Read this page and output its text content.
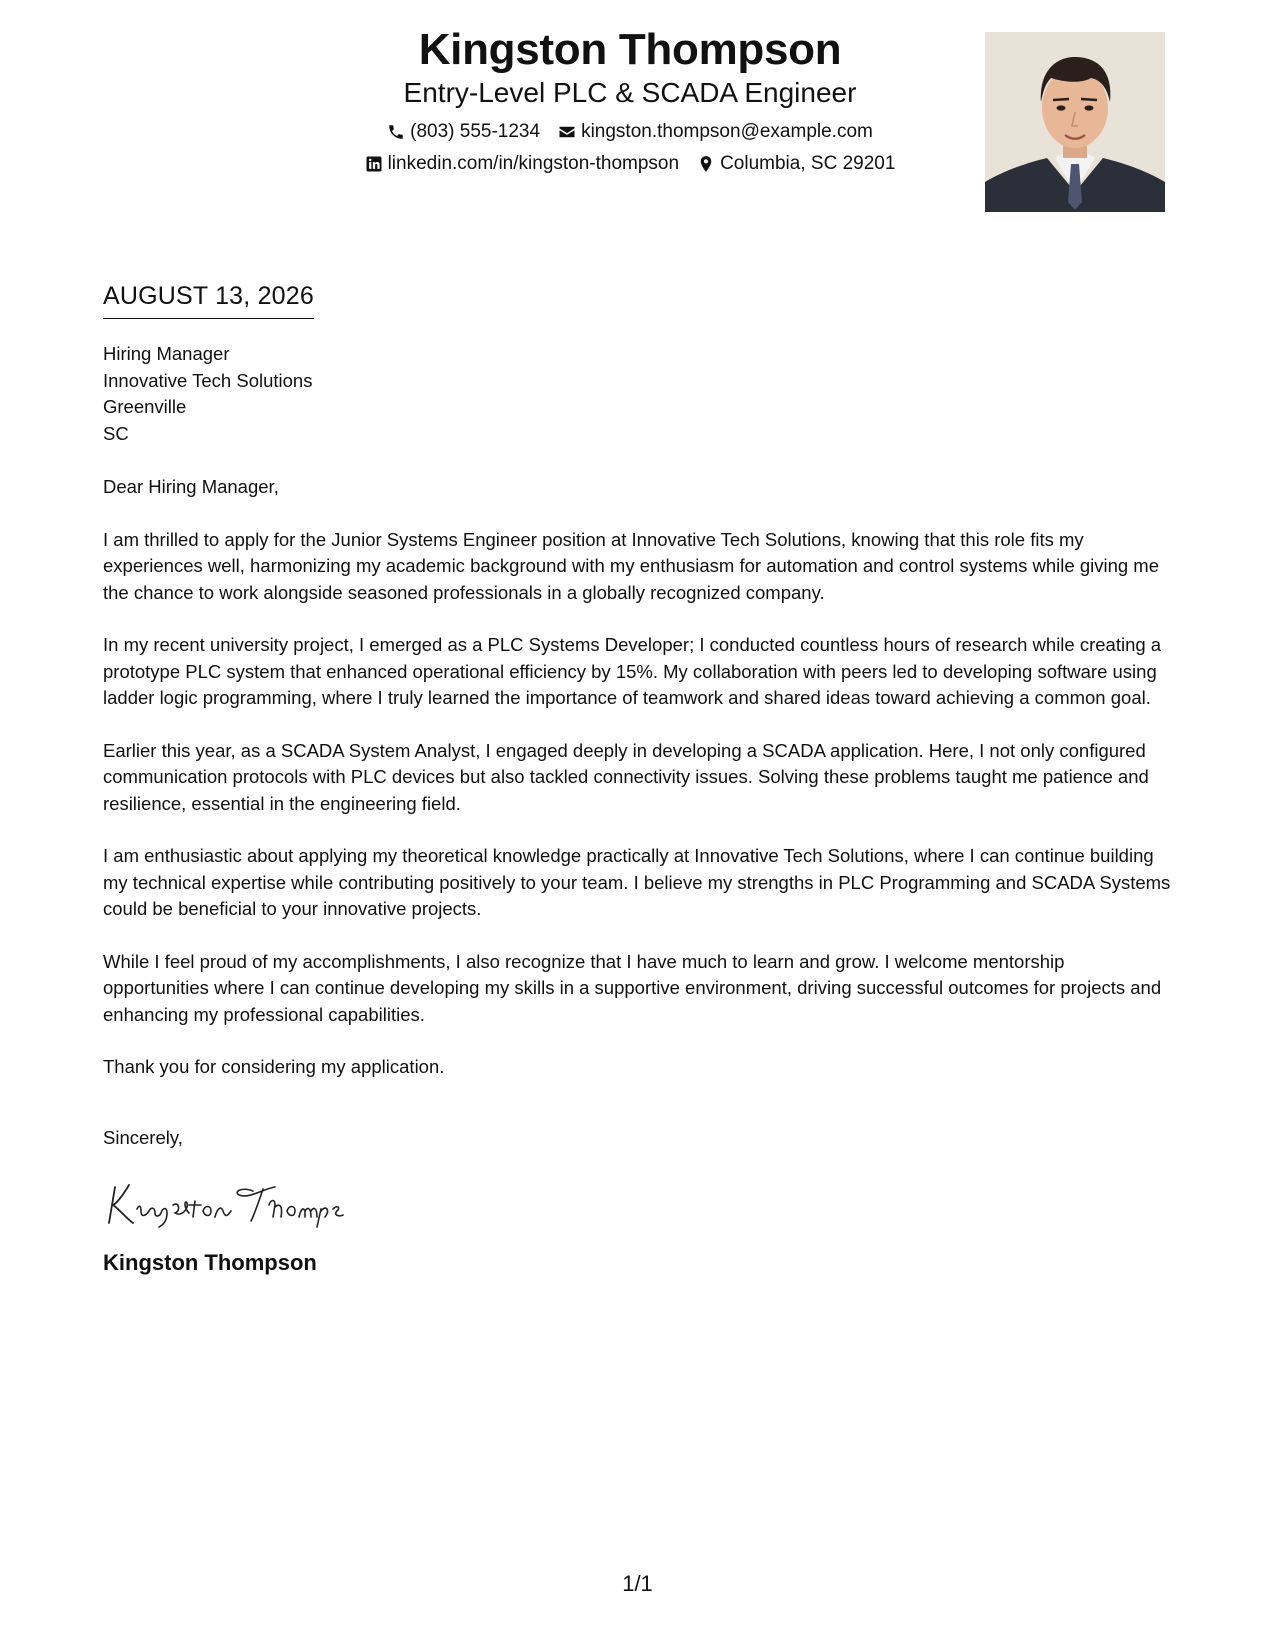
Kingston Thompson
Entry-Level PLC & SCADA Engineer
(803) 555-1234 kingston.thompson@example.com
linkedin.com/in/kingston-thompson Columbia, SC 29201
AUGUST 13, 2026
Hiring Manager
Innovative Tech Solutions
Greenville
SC
Dear Hiring Manager,

I am thrilled to apply for the Junior Systems Engineer position at Innovative Tech Solutions, knowing that this role fits my experiences well, harmonizing my academic background with my enthusiasm for automation and control systems while giving me the chance to work alongside seasoned professionals in a globally recognized company.

In my recent university project, I emerged as a PLC Systems Developer; I conducted countless hours of research while creating a prototype PLC system that enhanced operational efficiency by 15%. My collaboration with peers led to developing software using ladder logic programming, where I truly learned the importance of teamwork and shared ideas toward achieving a common goal.

Earlier this year, as a SCADA System Analyst, I engaged deeply in developing a SCADA application. Here, I not only configured communication protocols with PLC devices but also tackled connectivity issues. Solving these problems taught me patience and resilience, essential in the engineering field.

I am enthusiastic about applying my theoretical knowledge practically at Innovative Tech Solutions, where I can continue building my technical expertise while contributing positively to your team. I believe my strengths in PLC Programming and SCADA Systems could be beneficial to your innovative projects.

While I feel proud of my accomplishments, I also recognize that I have much to learn and grow. I welcome mentorship opportunities where I can continue developing my skills in a supportive environment, driving successful outcomes for projects and enhancing my professional capabilities.

Thank you for considering my application.

Sincerely,
Kingston Thompson
1/1
